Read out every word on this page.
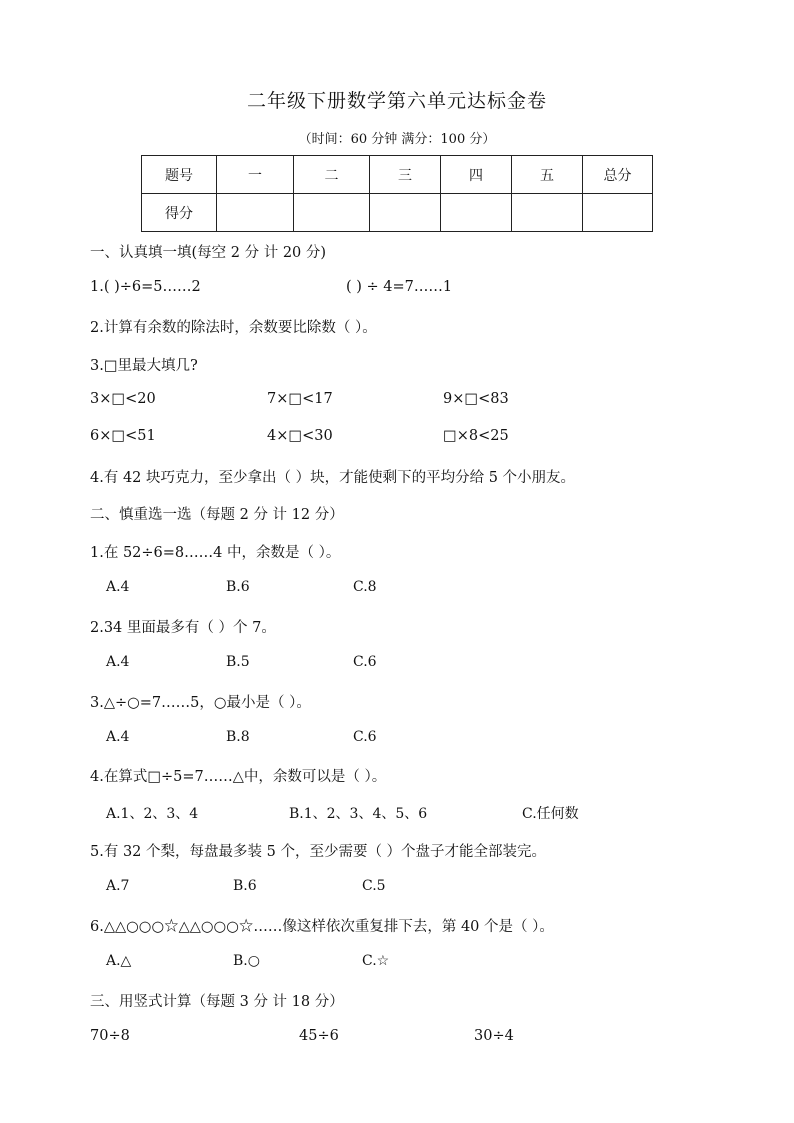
二年级下册数学第六单元达标金卷
（时间：60 分钟 满分：100 分）
题号	一	二	三	四	五	总分
得分						
一、认真填一填(每空 2 分 计 20 分)
1.( )÷6=5……2	( ) ÷ 4=7……1
2.计算有余数的除法时，余数要比除数（ ）。
3.□里最大填几?
3×□<20	7×□<17	9×□<83
6×□<51	4×□<30	□×8<25
4.有 42 块巧克力，至少拿出（ ）块，才能使剩下的平均分给 5 个小朋友。
二、慎重选一选（每题 2 分 计 12 分）
1.在 52÷6=8……4 中，余数是（ ）。
A.4	B.6	C.8
2.34 里面最多有（ ）个 7。
A.4	B.5	C.6
3.△÷○=7……5，○最小是（ ）。
A.4	B.8	C.6
4.在算式□÷5=7……△中，余数可以是（ ）。
A.1、2、3、4	B.1、2、3、4、5、6	C.任何数
5.有 32 个梨，每盘最多装 5 个，至少需要（ ）个盘子才能全部装完。
A.7	B.6	C.5
6.△△○○○☆△△○○○☆……像这样依次重复排下去，第 40 个是（ ）。
A.△	B.○	C.☆
三、用竖式计算（每题 3 分 计 18 分）
70÷8	45÷6	30÷4
